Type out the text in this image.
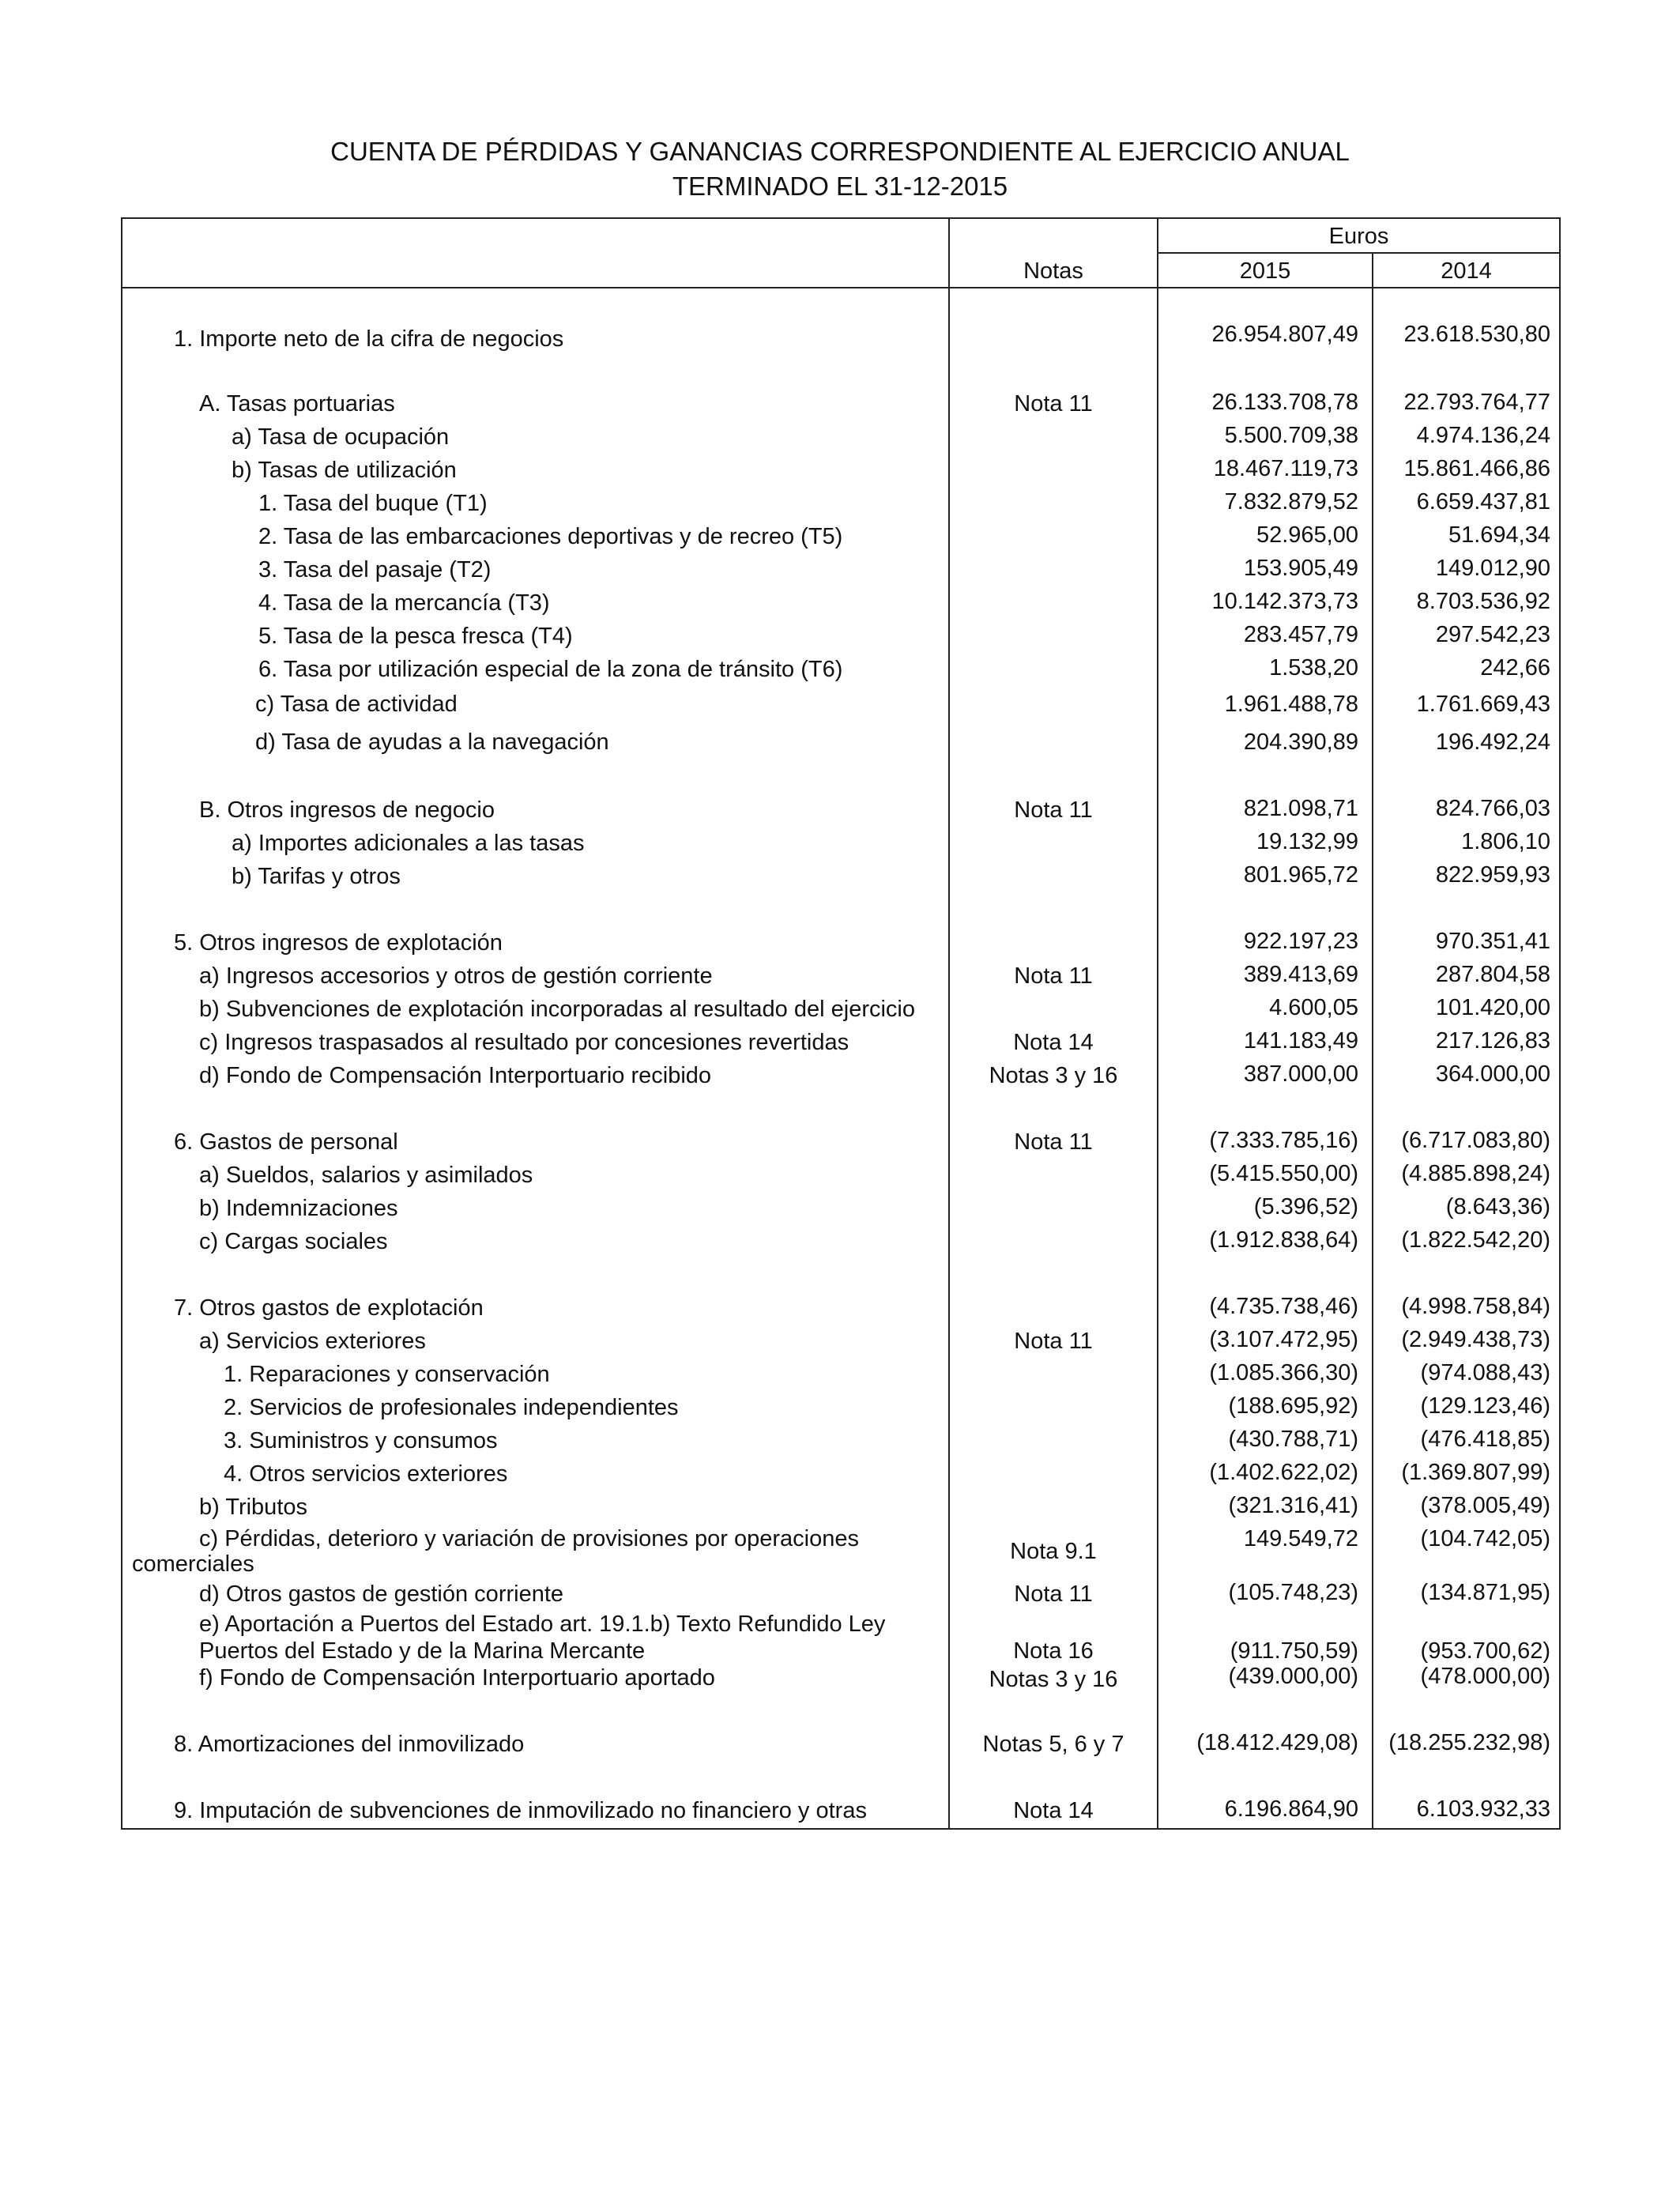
CUENTA DE PÉRDIDAS Y GANANCIAS CORRESPONDIENTE AL EJERCICIO ANUAL
TERMINADO EL 31-12-2015
Euros
Notas	2015	2014
1. Importe neto de la cifra de negocios	26.954.807,49 23.618.530,80
A. Tasas portuarias	Nota 11	26.133.708,78 22.793.764,77
a) Tasa de ocupación	5.500.709,38	4.974.136,24
b) Tasas de utilización	18.467.119,73 15.861.466,86
1. Tasa del buque (T1)	7.832.879,52	6.659.437,81
2. Tasa de las embarcaciones deportivas y de recreo (T5)	52.965,00	51.694,34
3. Tasa del pasaje (T2)	153.905,49	149.012,90
4. Tasa de la mercancía (T3)	10.142.373,73	8.703.536,92
5. Tasa de la pesca fresca (T4)	283.457,79	297.542,23
6. Tasa por utilización especial de la zona de tránsito (T6)	1.538,20	242,66
c) Tasa de actividad	1.961.488,78	1.761.669,43
d) Tasa de ayudas a la navegación	204.390,89	196.492,24
B. Otros ingresos de negocio	Nota 11	821.098,71	824.766,03
a) Importes adicionales a las tasas	19.132,99	1.806,10
b) Tarifas y otros	801.965,72	822.959,93
5. Otros ingresos de explotación	922.197,23	970.351,41
a) Ingresos accesorios y otros de gestión corriente	Nota 11	389.413,69	287.804,58
b) Subvenciones de explotación incorporadas al resultado del ejercicio	4.600,05	101.420,00
c) Ingresos traspasados al resultado por concesiones revertidas	Nota 14	141.183,49	217.126,83
d) Fondo de Compensación Interportuario recibido	Notas 3 y 16	387.000,00	364.000,00
6. Gastos de personal	Nota 11	(7.333.785,16) (6.717.083,80)
a) Sueldos, salarios y asimilados	(5.415.550,00) (4.885.898,24)
b) Indemnizaciones	(5.396,52)	(8.643,36)
c) Cargas sociales	(1.912.838,64) (1.822.542,20)
7. Otros gastos de explotación	(4.735.738,46) (4.998.758,84)
a) Servicios exteriores	Nota 11	(3.107.472,95) (2.949.438,73)
1. Reparaciones y conservación	(1.085.366,30)	(974.088,43)
2. Servicios de profesionales independientes	(188.695,92)	(129.123,46)
3. Suministros y consumos	(430.788,71)	(476.418,85)
4. Otros servicios exteriores	(1.402.622,02) (1.369.807,99)
b) Tributos	(321.316,41)	(378.005,49)
c) Pérdidas, deterioro y variación de provisiones por operaciones
comerciales	Nota 9.1	149.549,72	(104.742,05)
d) Otros gastos de gestión corriente	Nota 11	(105.748,23)	(134.871,95)
e) Aportación a Puertos del Estado art. 19.1.b) Texto Refundido Ley
Puertos del Estado y de la Marina Mercante	Nota 16	(911.750,59)	(953.700,62)
f) Fondo de Compensación Interportuario aportado	Notas 3 y 16	(439.000,00)	(478.000,00)
8. Amortizaciones del inmovilizado	Notas 5, 6 y 7	(18.412.429,08) (18.255.232,98)
9. Imputación de subvenciones de inmovilizado no financiero y otras	Nota 14	6.196.864,90	6.103.932,33
